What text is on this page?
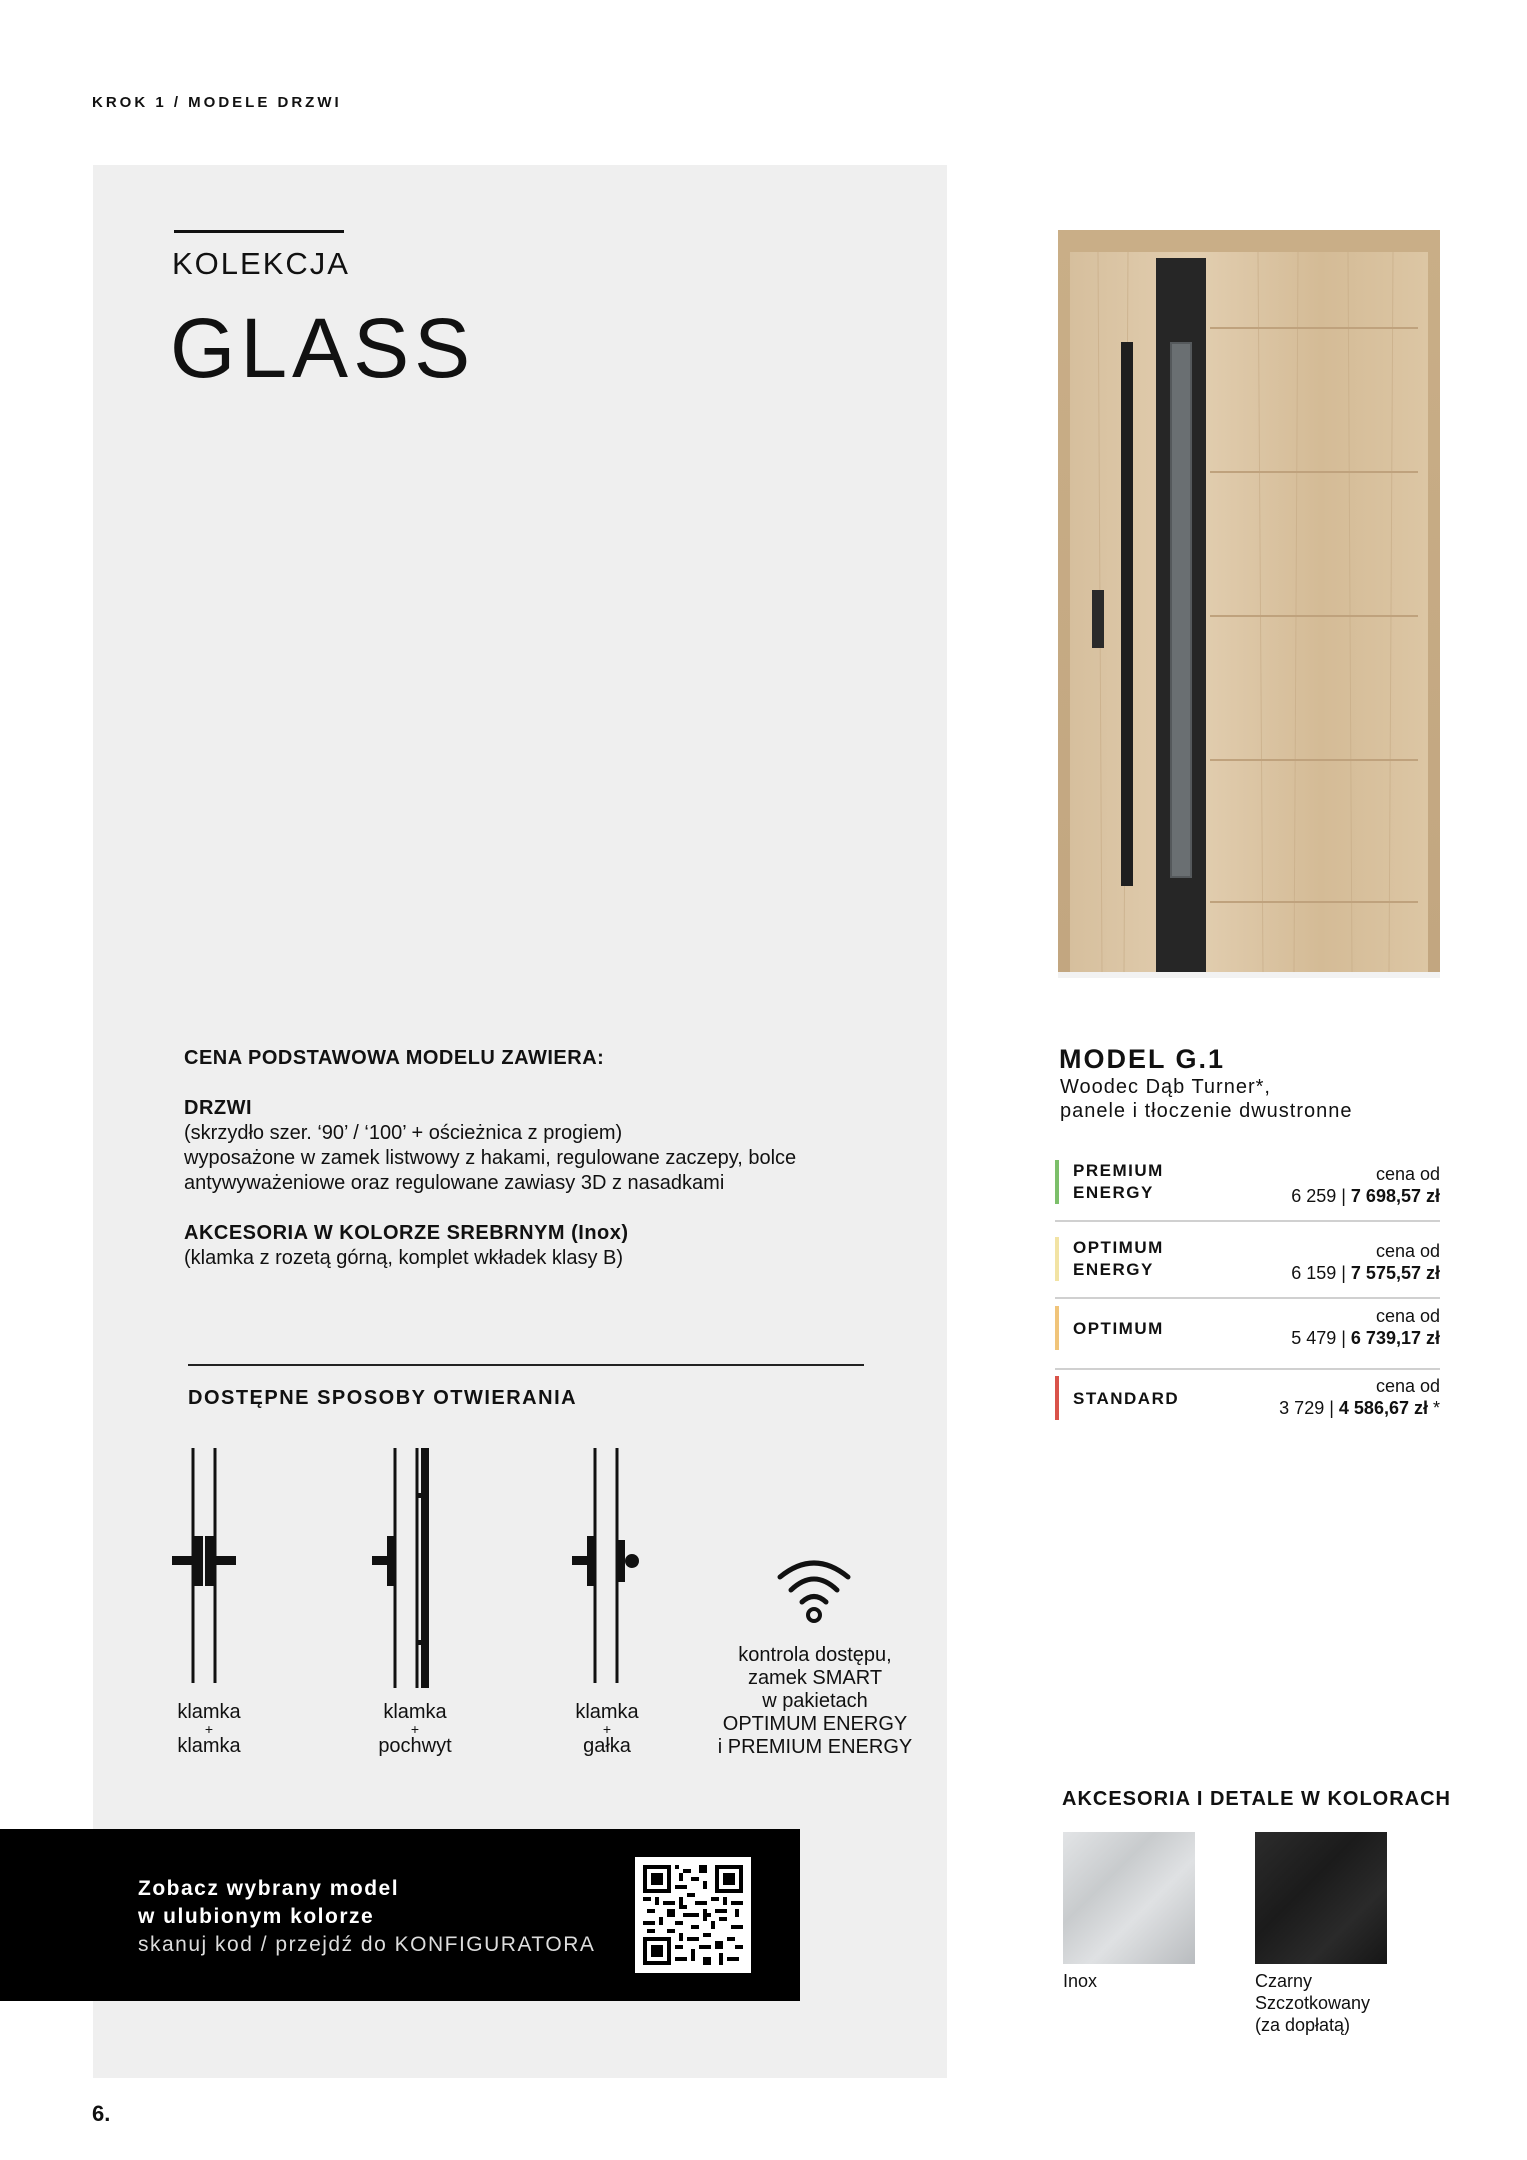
KROK 1 / MODELE DRZWI
KOLEKCJA
GLASS
CENA PODSTAWOWA MODELU ZAWIERA:
DRZWI
(skrzydło szer. ‘90’ / ‘100’ + ościeżnica z progiem)
wyposażone w zamek listwowy z hakami, regulowane zaczepy, bolce
antywyważeniowe oraz regulowane zawiasy 3D z nasadkami
AKCESORIA W KOLORZE SREBRNYM (Inox)
(klamka z rozetą górną, komplet wkładek klasy B)
DOSTĘPNE SPOSOBY OTWIERANIA
klamka
+
klamka
klamka
+
pochwyt
klamka
+
gałka
kontrola dostępu,
zamek SMART
w pakietach
OPTIMUM ENERGY
i PREMIUM ENERGY
Zobacz wybrany model
w ulubionym kolorze
skanuj kod / przejdź do KONFIGURATORA
6.
MODEL G.1
Woodec Dąb Turner*,
panele i tłoczenie dwustronne
PREMIUM
ENERGY
cena od
6 259 | 7 698,57 zł
OPTIMUM
ENERGY
cena od
6 159 | 7 575,57 zł
OPTIMUM
cena od
5 479 | 6 739,17 zł
STANDARD
cena od
3 729 | 4 586,67 zł *
AKCESORIA I DETALE W KOLORACH
Inox	Czarny
Szczotkowany
(za dopłatą)
